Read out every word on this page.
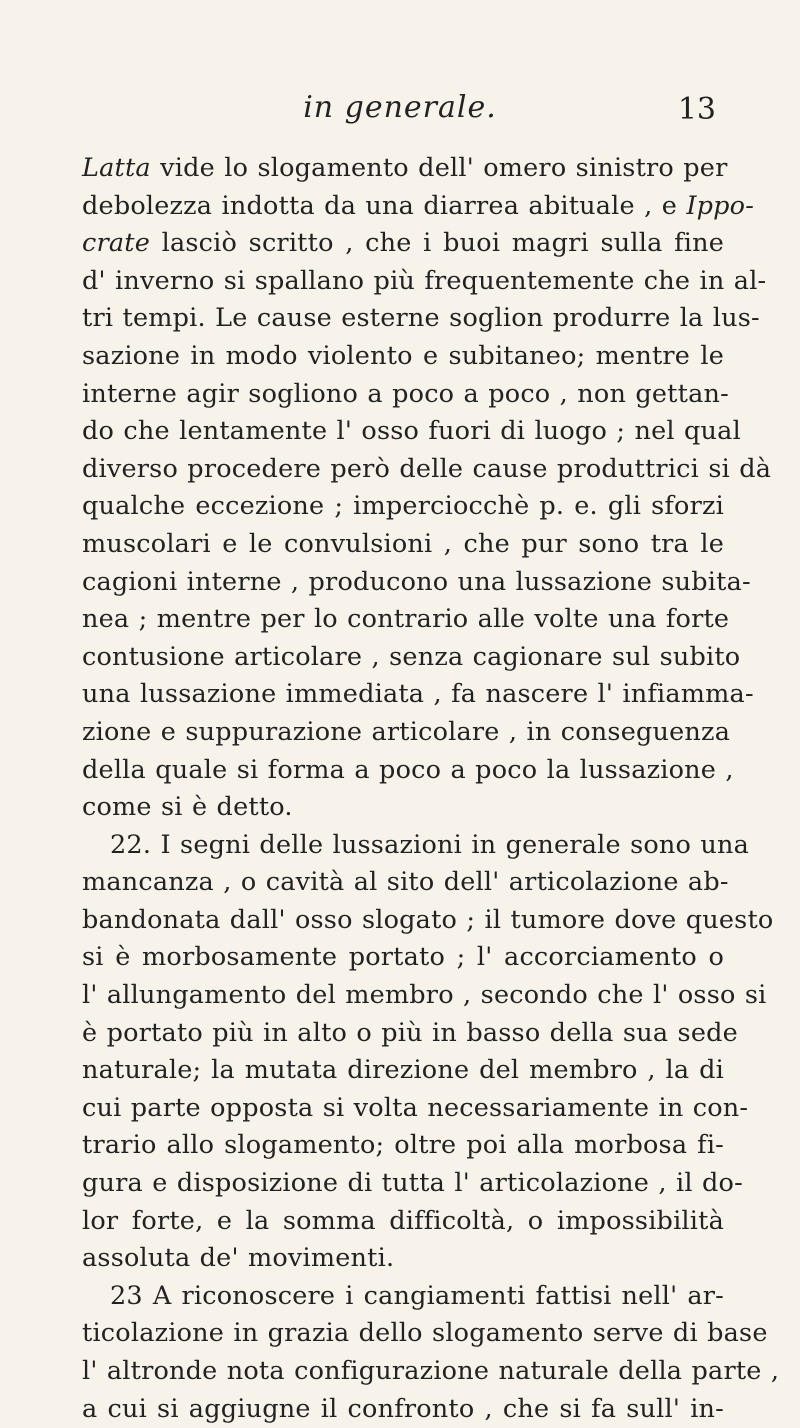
in generale.	13
Latta vide lo slogamento dell' omero sinistro per
debolezza indotta da una diarrea abituale , e Ippo-
crate lasciò scritto , che i buoi magri sulla fine
d' inverno si spallano più frequentemente che in al-
tri tempi. Le cause esterne soglion produrre la lus-
sazione in modo violento e subitaneo; mentre le
interne agir sogliono a poco a poco , non gettan-
do che lentamente l' osso fuori di luogo ; nel qual
diverso procedere però delle cause produttrici si dà
qualche eccezione ; imperciocchè p. e. gli sforzi
muscolari e le convulsioni , che pur sono tra le
cagioni interne , producono una lussazione subita-
nea ; mentre per lo contrario alle volte una forte
contusione articolare , senza cagionare sul subito
una lussazione immediata , fa nascere l' infiamma-
zione e suppurazione articolare , in conseguenza
della quale si forma a poco a poco la lussazione ,
come si è detto.
22. I segni delle lussazioni in generale sono una
mancanza , o cavità al sito dell' articolazione ab-
bandonata dall' osso slogato ; il tumore dove questo
si è morbosamente portato ; l' accorciamento o
l' allungamento del membro , secondo che l' osso si
è portato più in alto o più in basso della sua sede
naturale; la mutata direzione del membro , la di
cui parte opposta si volta necessariamente in con-
trario allo slogamento; oltre poi alla morbosa fi-
gura e disposizione di tutta l' articolazione , il do-
lor forte, e la somma difficoltà, o impossibilità
assoluta de' movimenti.
23 A riconoscere i cangiamenti fattisi nell' ar-
ticolazione in grazia dello slogamento serve di base
l' altronde nota configurazione naturale della parte ,
a cui si aggiugne il confronto , che si fa sull' in-
